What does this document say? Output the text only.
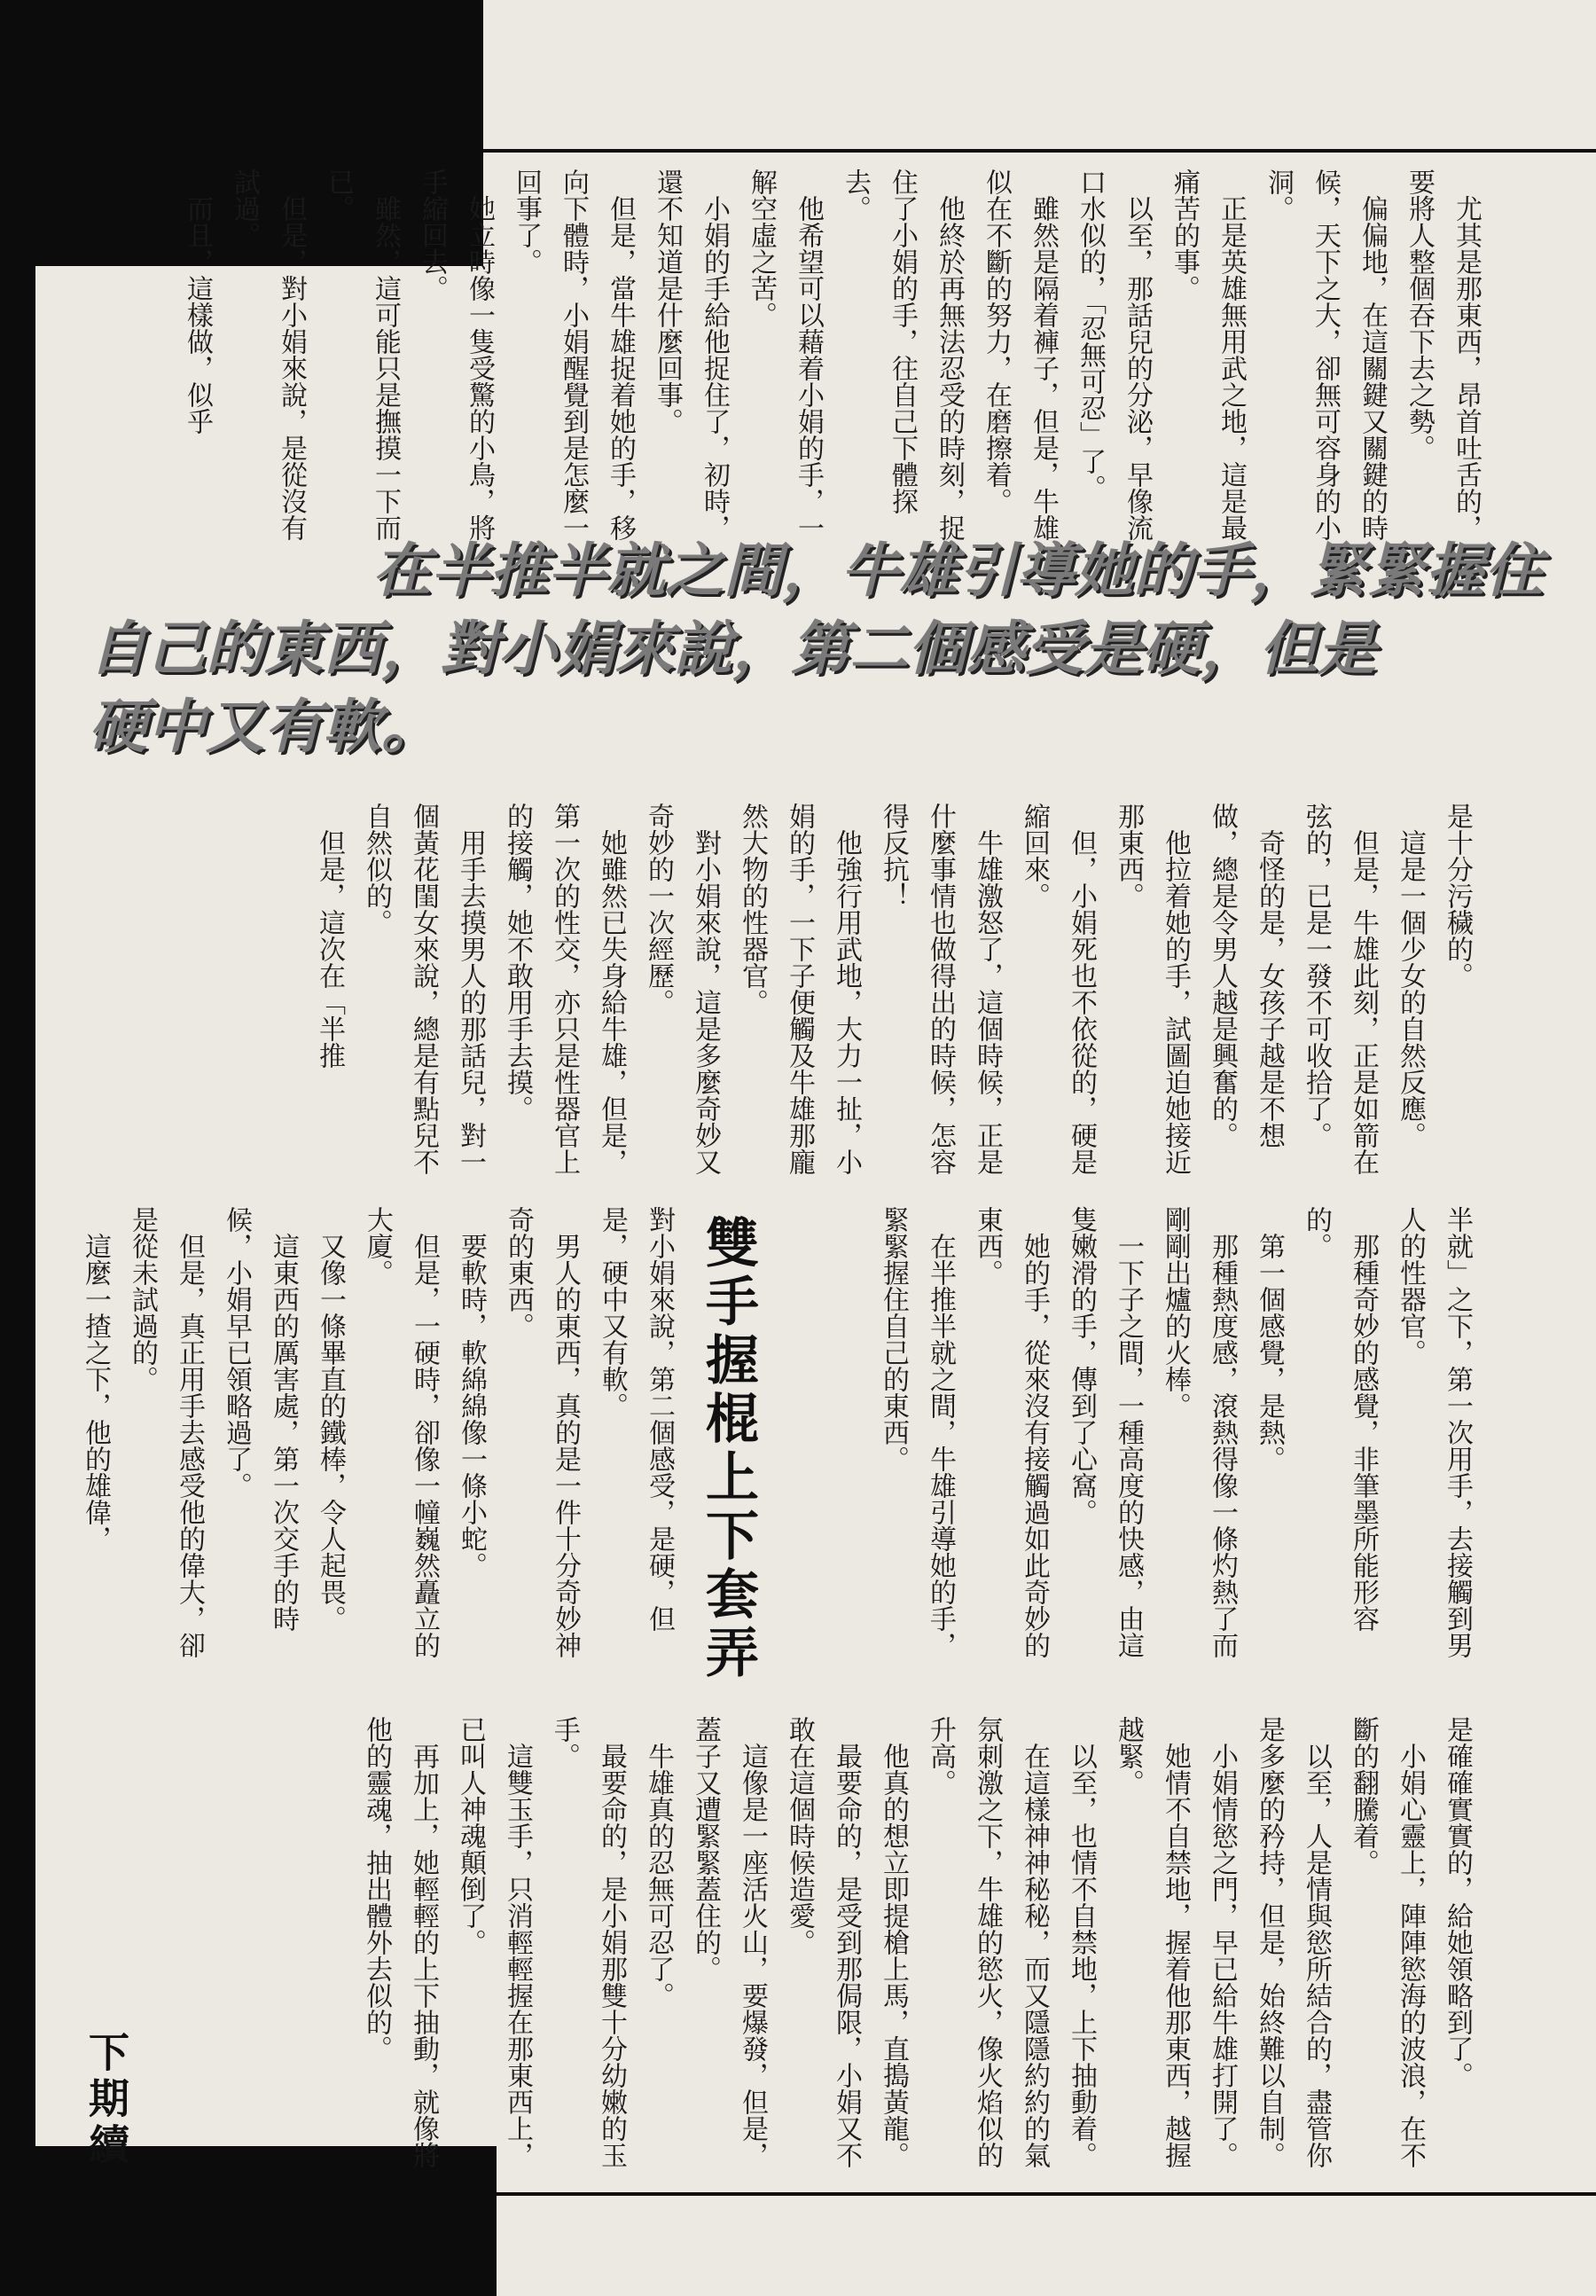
尤其是那東西，昂首吐舌的，要將人整個吞下去之勢。

偏偏地，在這關鍵又關鍵的時候，天下之大，卻無可容身的小洞。

正是英雄無用武之地，這是最痛苦的事。

以至，那話兒的分泌，早像流口水似的，「忍無可忍」了。

雖然是隔着褲子，但是，牛雄似在不斷的努力，在磨擦着。

他終於再無法忍受的時刻，捉住了小娟的手，往自己下體探去。

他希望可以藉着小娟的手，一解空虛之苦。

小娟的手給他捉住了，初時，還不知道是什麼回事。

但是，當牛雄捉着她的手，移向下體時，小娟醒覺到是怎麼一回事了。

她立時像一隻受驚的小鳥，將手縮回去。

雖然，這可能只是撫摸一下而已。

但是，對小娟來說，是從沒有試過。

而且，這樣做，似乎

在半推半就之間，牛雄引導她的手，緊緊握住
自己的東西，對小娟來說，第二個感受是硬，但是
硬中又有軟。

是十分污穢的。

這是一個少女的自然反應。

但是，牛雄此刻，正是如箭在弦的，已是一發不可收拾了。

奇怪的是，女孩子越是不想做，總是令男人越是興奮的。

他拉着她的手，試圖迫她接近那東西。

但，小娟死也不依從的，硬是縮回來。

牛雄激怒了，這個時候，正是什麼事情也做得出的時候，怎容得反抗！

他強行用武地，大力一扯，小娟的手，一下子便觸及牛雄那龐然大物的性器官。

對小娟來說，這是多麼奇妙又奇妙的一次經歷。

她雖然已失身給牛雄，但是，第一次的性交，亦只是性器官上的接觸，她不敢用手去摸。

用手去摸男人的那話兒，對一個黃花閨女來說，總是有點兒不自然似的。

但是，這次在「半推

對小娟來說，第二個感受，是硬，但是，硬中又有軟。

男人的東西，真的是一件十分奇妙神奇的東西。

要軟時，軟綿綿像一條小蛇。

但是，一硬時，卻像一幢巍然矗立的大廈。

又像一條畢直的鐵棒，令人起畏。

這東西的厲害處，第一次交手的時候，小娟早已領略過了。

但是，真正用手去感受他的偉大，卻是從未試過的。

這麼一揸之下，他的雄偉，	半就」之下，第一次用手，去接觸到男人的性器官。

那種奇妙的感覺，非筆墨所能形容的。

第一個感覺，是熱。

那種熱度感，滾熱得像一條灼熱了而剛剛出爐的火棒。

一下子之間，一種高度的快感，由這隻嫩滑的手，傳到了心窩。

她的手，從來沒有接觸過如此奇妙的東西。

在半推半就之間，牛雄引導她的手，緊緊握住自己的東西。

雙手握棍上下套弄

是確確實實的，給她領略到了。

小娟心靈上，陣陣慾海的波浪，在不斷的翻騰着。

以至，人是情與慾所結合的，盡管你是多麼的矜持，但是，始終難以自制。

小娟情慾之門，早已給牛雄打開了。

她情不自禁地，握着他那東西，越握越緊。

以至，也情不自禁地，上下抽動着。

在這樣神神秘秘，而又隱隱約約的氣氛刺激之下，牛雄的慾火，像火焰似的升高。

他真的想立即提槍上馬，直搗黃龍。

最要命的，是受到那侷限，小娟又不敢在這個時候造愛。

這像是一座活火山，要爆發，但是，蓋子又遭緊緊蓋住的。

牛雄真的忍無可忍了。

最要命的，是小娟那雙十分幼嫩的玉手。

這雙玉手，只消輕輕握在那東西上，已叫人神魂顛倒了。

再加上，她輕輕的上下抽動，就像將他的靈魂，抽出體外去似的。

下期續
